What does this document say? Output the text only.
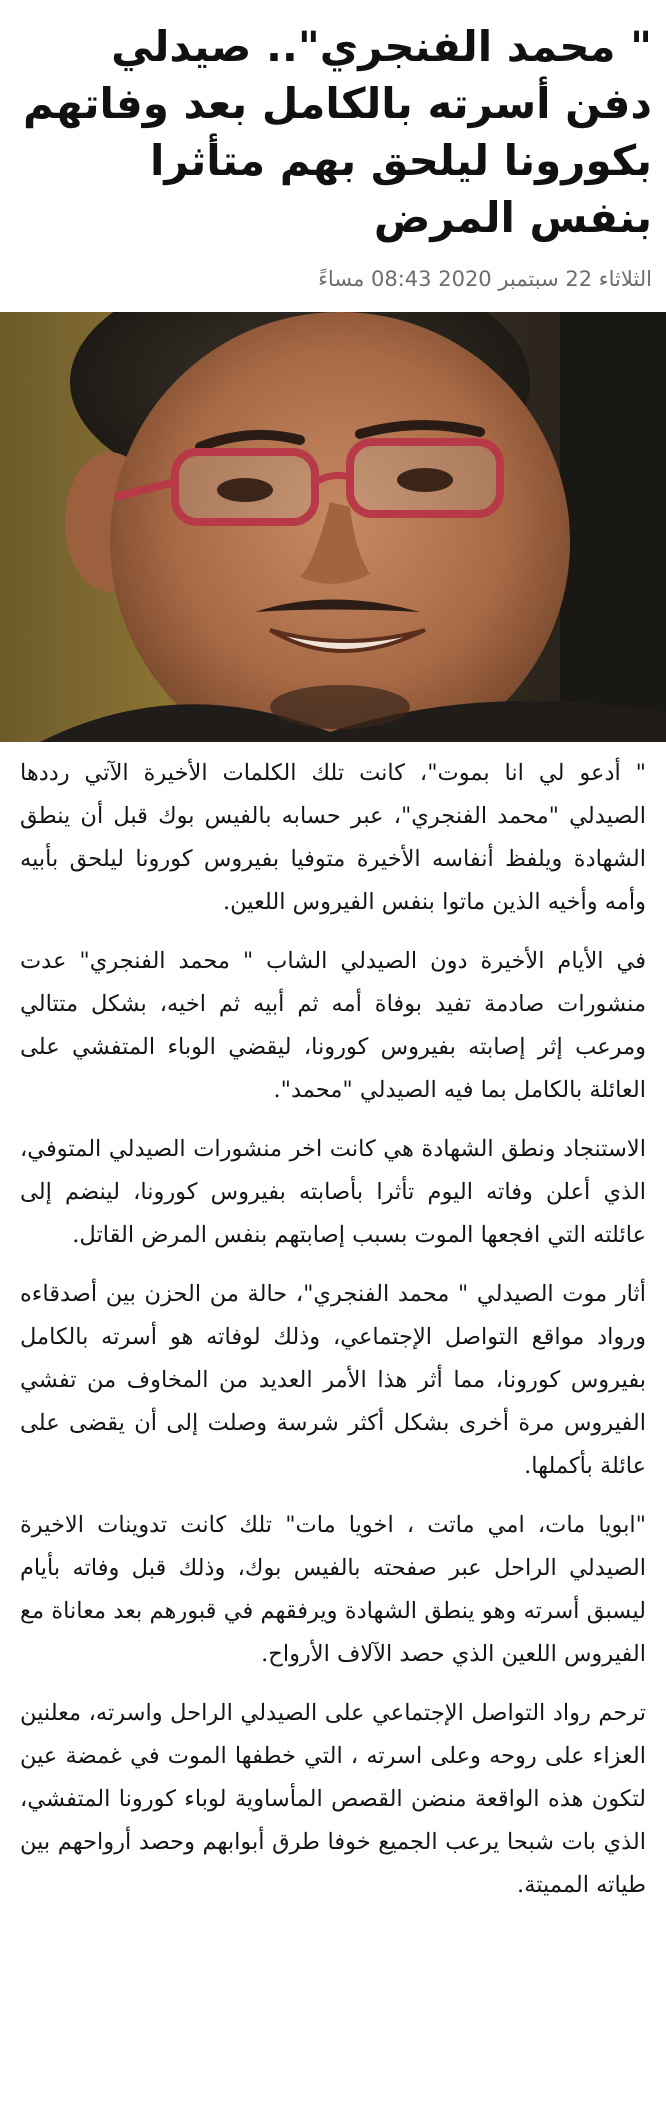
" محمد الفنجري".. صيدلي دفن أسرته بالكامل بعد وفاتهم بكورونا ليلحق بهم متأثرا بنفس المرض
الثلاثاء 22 سبتمبر 2020 08:43 مساءً

" أدعو لي انا بموت"، كانت تلك الكلمات الأخيرة الآتي رددها الصيدلي "محمد الفنجري"، عبر حسابه بالفيس بوك قبل أن ينطق الشهادة ويلفظ أنفاسه الأخيرة متوفيا بفيروس كورونا ليلحق بأبيه وأمه وأخيه الذين ماتوا بنفس الفيروس اللعين.

في الأيام الأخيرة دون الصيدلي الشاب " محمد الفنجري" عدت منشورات صادمة تفيد بوفاة أمه ثم أبيه ثم اخيه، بشكل متتالي ومرعب إثر إصابته بفيروس كورونا، ليقضي الوباء المتفشي على العائلة بالكامل بما فيه الصيدلي "محمد".

الاستنجاد ونطق الشهادة هي كانت اخر منشورات الصيدلي المتوفي، الذي أعلن وفاته اليوم تأثرا بأصابته بفيروس كورونا، لينضم إلى عائلته التي افجعها الموت بسبب إصابتهم بنفس المرض القاتل.

أثار موت الصيدلي " محمد الفنجري"، حالة من الحزن بين أصدقاءه ورواد مواقع التواصل الإجتماعي، وذلك لوفاته هو أسرته بالكامل بفيروس كورونا، مما أثر هذا الأمر العديد من المخاوف من تفشي الفيروس مرة أخرى بشكل أكثر شرسة وصلت إلى أن يقضى على عائلة بأكملها.

"ابويا مات، امي ماتت ، اخويا مات" تلك كانت تدوينات الاخيرة الصيدلي الراحل عبر صفحته بالفيس بوك، وذلك قبل وفاته بأيام ليسبق أسرته وهو ينطق الشهادة ويرفقهم في قبورهم بعد معاناة مع الفيروس اللعين الذي حصد الآلاف الأرواح.

ترحم رواد التواصل الإجتماعي على الصيدلي الراحل واسرته، معلنين العزاء على روحه وعلى اسرته ، التي خطفها الموت في غمضة عين لتكون هذه الواقعة منضن القصص المأساوية لوباء كورونا المتفشي، الذي بات شبحا يرعب الجميع خوفا طرق أبوابهم وحصد أرواحهم بين طياته المميتة.
